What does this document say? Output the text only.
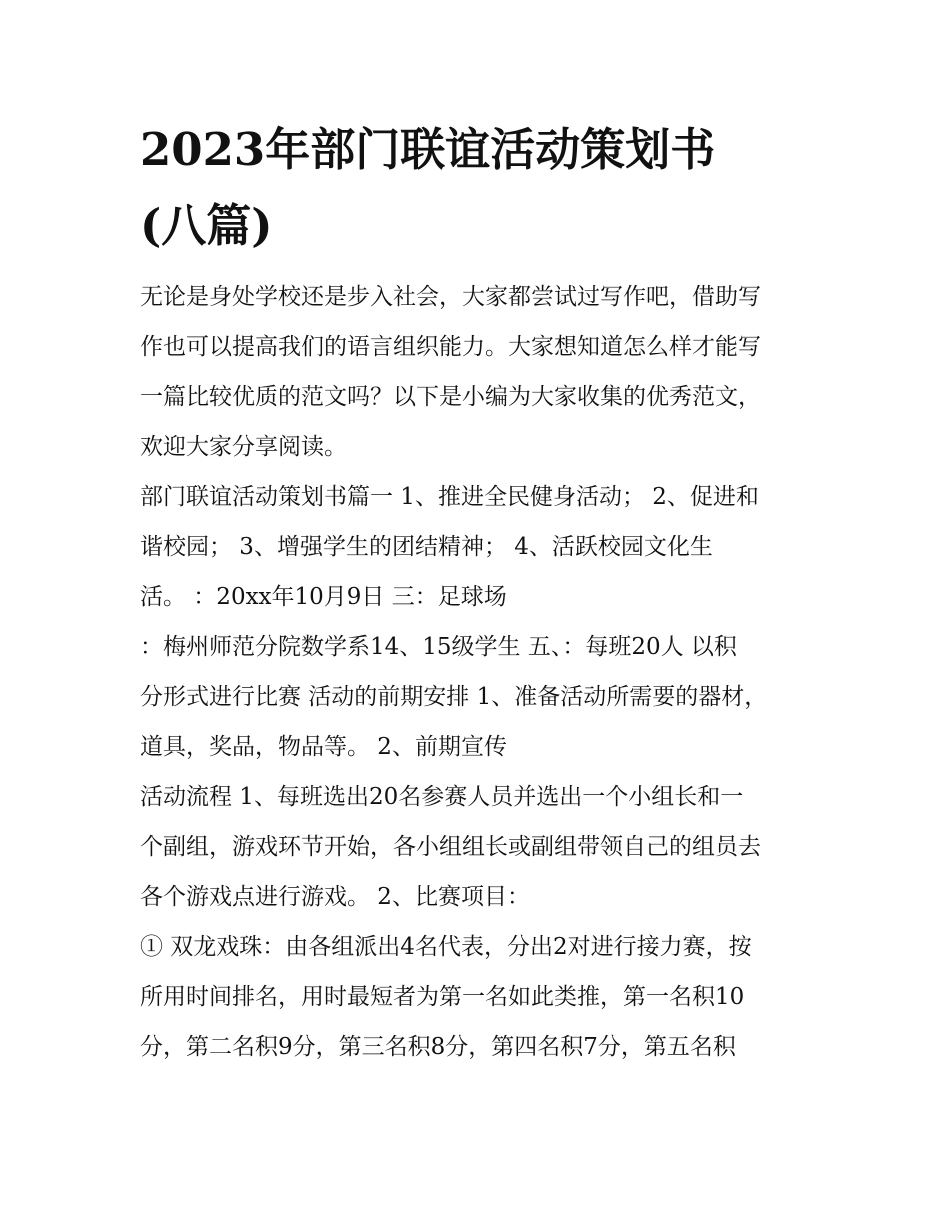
2023年部门联谊活动策划书
(八篇)

无论是身处学校还是步入社会，大家都尝试过写作吧，借助写
作也可以提高我们的语言组织能力。大家想知道怎么样才能写
一篇比较优质的范文吗？以下是小编为大家收集的优秀范文，
欢迎大家分享阅读。

部门联谊活动策划书篇一 1、推进全民健身活动； 2、促进和
谐校园； 3、增强学生的团结精神； 4、活跃校园文化生
活。 ：20xx年10月9日 三：足球场

：梅州师范分院数学系14、15级学生 五、：每班20人 以积
分形式进行比赛 活动的前期安排 1、准备活动所需要的器材，
道具，奖品，物品等。 2、前期宣传

活动流程 1、每班选出20名参赛人员并选出一个小组长和一
个副组，游戏环节开始，各小组组长或副组带领自己的组员去
各个游戏点进行游戏。 2、比赛项目：

① 双龙戏珠：由各组派出4名代表，分出2对进行接力赛，按
所用时间排名，用时最短者为第一名如此类推，第一名积10
分，第二名积9分，第三名积8分，第四名积7分，第五名积
